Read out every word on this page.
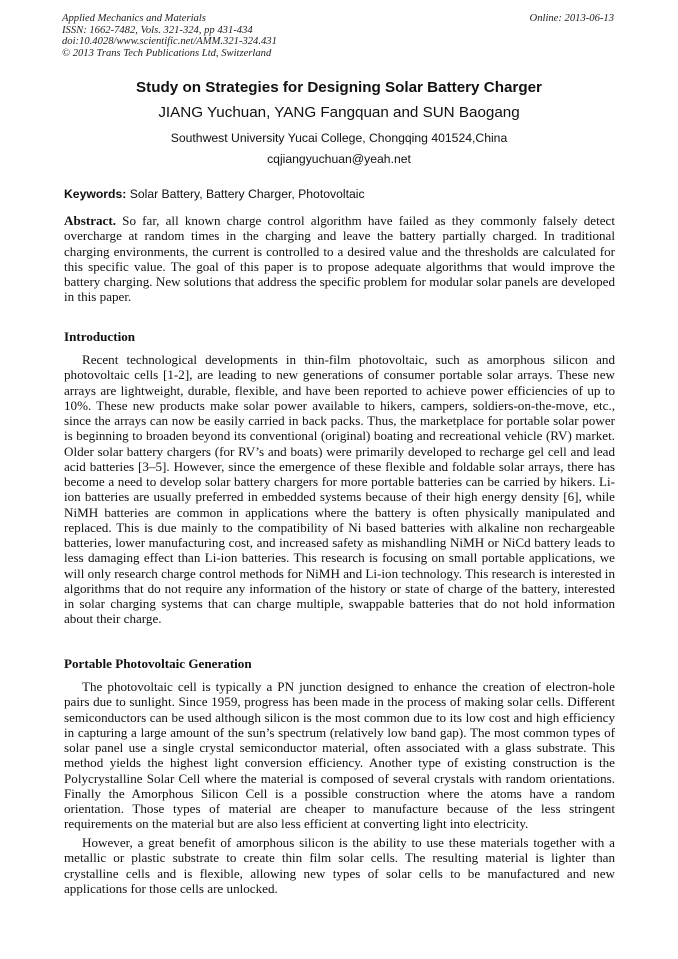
Applied Mechanics and Materials
ISSN: 1662-7482, Vols. 321-324, pp 431-434
doi:10.4028/www.scientific.net/AMM.321-324.431
© 2013 Trans Tech Publications Ltd, Switzerland
Online: 2013-06-13
Study on Strategies for Designing Solar Battery Charger
JIANG Yuchuan, YANG Fangquan and SUN Baogang
Southwest University Yucai College, Chongqing 401524,China
cqjiangyuchuan@yeah.net
Keywords: Solar Battery, Battery Charger, Photovoltaic
Abstract. So far, all known charge control algorithm have failed as they commonly falsely detect overcharge at random times in the charging and leave the battery partially charged. In traditional charging environments, the current is controlled to a desired value and the thresholds are calculated for this specific value. The goal of this paper is to propose adequate algorithms that would improve the battery charging. New solutions that address the specific problem for modular solar panels are developed in this paper.
Introduction
Recent technological developments in thin-film photovoltaic, such as amorphous silicon and photovoltaic cells [1-2], are leading to new generations of consumer portable solar arrays. These new arrays are lightweight, durable, flexible, and have been reported to achieve power efficiencies of up to 10%. These new products make solar power available to hikers, campers, soldiers-on-the-move, etc., since the arrays can now be easily carried in back packs. Thus, the marketplace for portable solar power is beginning to broaden beyond its conventional (original) boating and recreational vehicle (RV) market. Older solar battery chargers (for RV’s and boats) were primarily developed to recharge gel cell and lead acid batteries [3–5]. However, since the emergence of these flexible and foldable solar arrays, there has become a need to develop solar battery chargers for more portable batteries can be carried by hikers. Li-ion batteries are usually preferred in embedded systems because of their high energy density [6], while NiMH batteries are common in applications where the battery is often physically manipulated and replaced. This is due mainly to the compatibility of Ni based batteries with alkaline non rechargeable batteries, lower manufacturing cost, and increased safety as mishandling NiMH or NiCd battery leads to less damaging effect than Li-ion batteries. This research is focusing on small portable applications, we will only research charge control methods for NiMH and Li-ion technology. This research is interested in algorithms that do not require any information of the history or state of charge of the battery, interested in solar charging systems that can charge multiple, swappable batteries that do not hold information about their charge.
Portable Photovoltaic Generation
The photovoltaic cell is typically a PN junction designed to enhance the creation of electron-hole pairs due to sunlight. Since 1959, progress has been made in the process of making solar cells. Different semiconductors can be used although silicon is the most common due to its low cost and high efficiency in capturing a large amount of the sun’s spectrum (relatively low band gap). The most common types of solar panel use a single crystal semiconductor material, often associated with a glass substrate. This method yields the highest light conversion efficiency. Another type of existing construction is the Polycrystalline Solar Cell where the material is composed of several crystals with random orientations. Finally the Amorphous Silicon Cell is a possible construction where the atoms have a random orientation. Those types of material are cheaper to manufacture because of the less stringent requirements on the material but are also less efficient at converting light into electricity.
However, a great benefit of amorphous silicon is the ability to use these materials together with a metallic or plastic substrate to create thin film solar cells. The resulting material is lighter than crystalline cells and is flexible, allowing new types of solar cells to be manufactured and new applications for those cells are unlocked.
